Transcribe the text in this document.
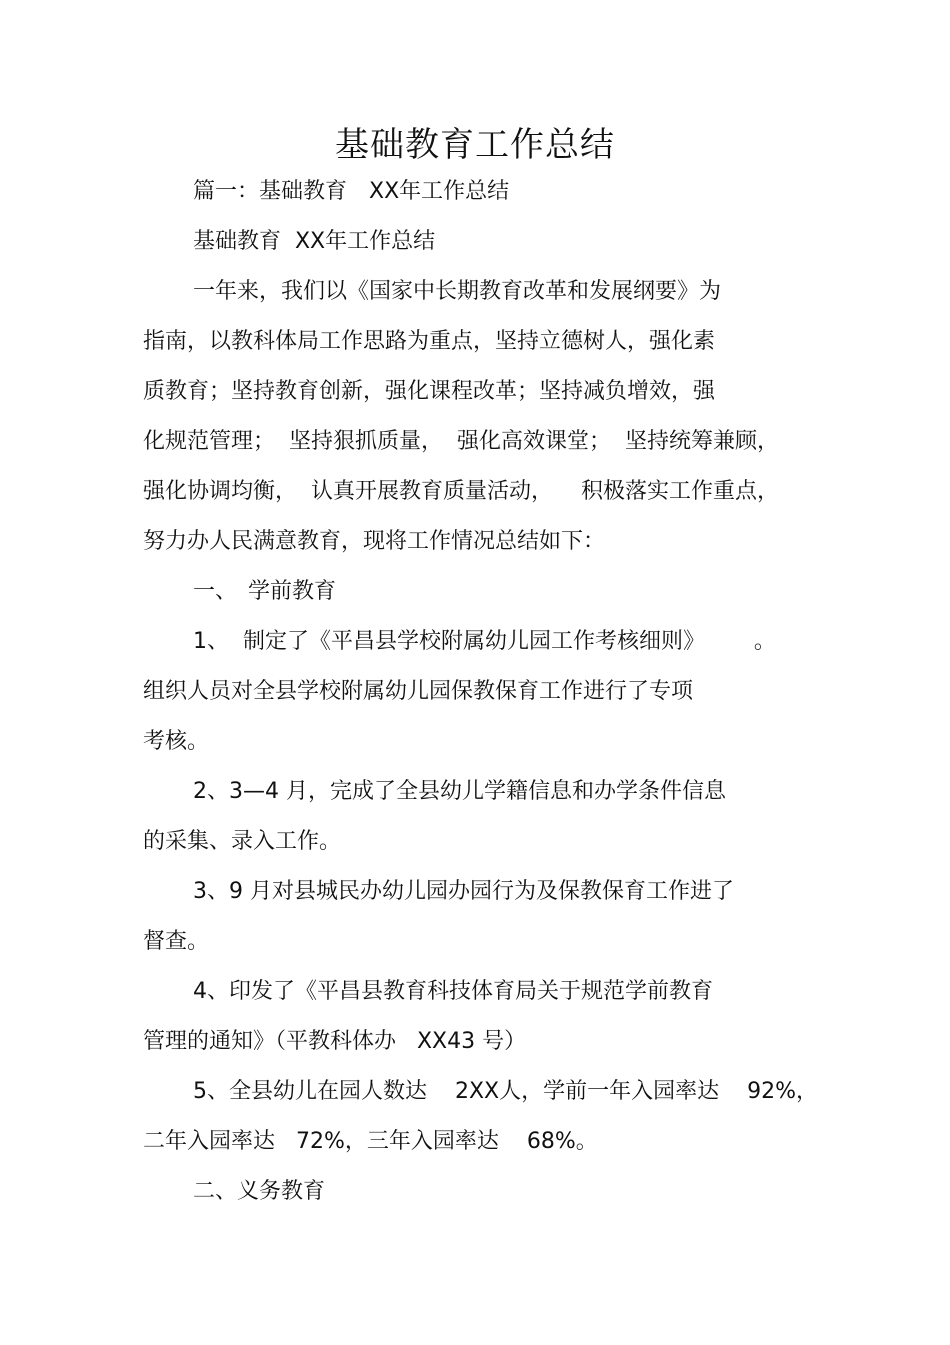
基础教育工作总结
篇一：基础教育　XX年工作总结
基础教育  XX年工作总结
一年来，我们以《国家中长期教育改革和发展纲要》为
指南，以教科体局工作思路为重点，坚持立德树人，强化素
质教育；坚持教育创新，强化课程改革；坚持减负增效，强
化规范管理；  坚持狠抓质量，  强化高效课堂；  坚持统筹兼顾，
强化协调均衡，  认真开展教育质量活动，    积极落实工作重点，
努力办人民满意教育，现将工作情况总结如下：
一、　学前教育
1、  制定了《平昌县学校附属幼儿园工作考核细则》       。
组织人员对全县学校附属幼儿园保教保育工作进行了专项
考核。
2、3—4 月，完成了全县幼儿学籍信息和办学条件信息
的采集、录入工作。
3、9 月对县城民办幼儿园办园行为及保教保育工作进了
督查。
4、印发了《平昌县教育科技体育局关于规范学前教育
管理的通知》（平教科体办   XX43 号）
5、全县幼儿在园人数达    2XX人，学前一年入园率达    92%，
二年入园率达   72%，三年入园率达    68%。
二、义务教育
